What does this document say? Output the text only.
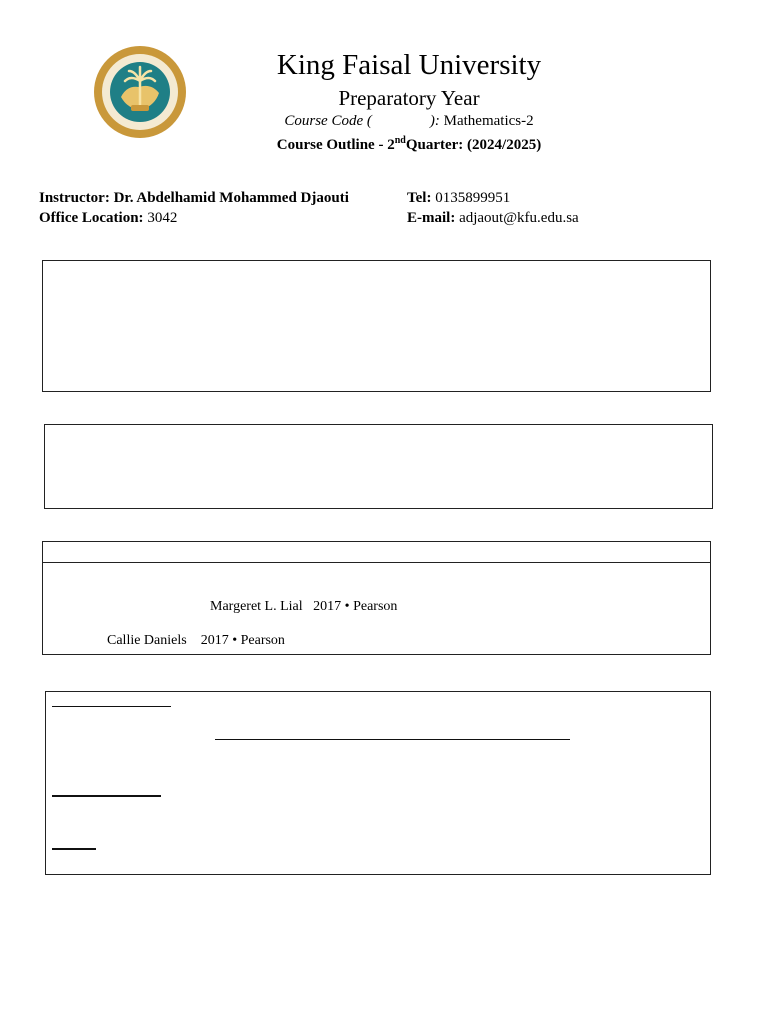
King Faisal University
Preparatory Year
Course Code (	): Mathematics-2
Course Outline - 2ndQuarter: (2024/2025)
Instructor: Dr. Abdelhamid Mohammed Djaouti
Office Location: 3042
Tel: 0135899951
E-mail: adjaout@kfu.edu.sa
Margeret L. Lial 2017 • Pearson
Callie Daniels 2017 • Pearson
